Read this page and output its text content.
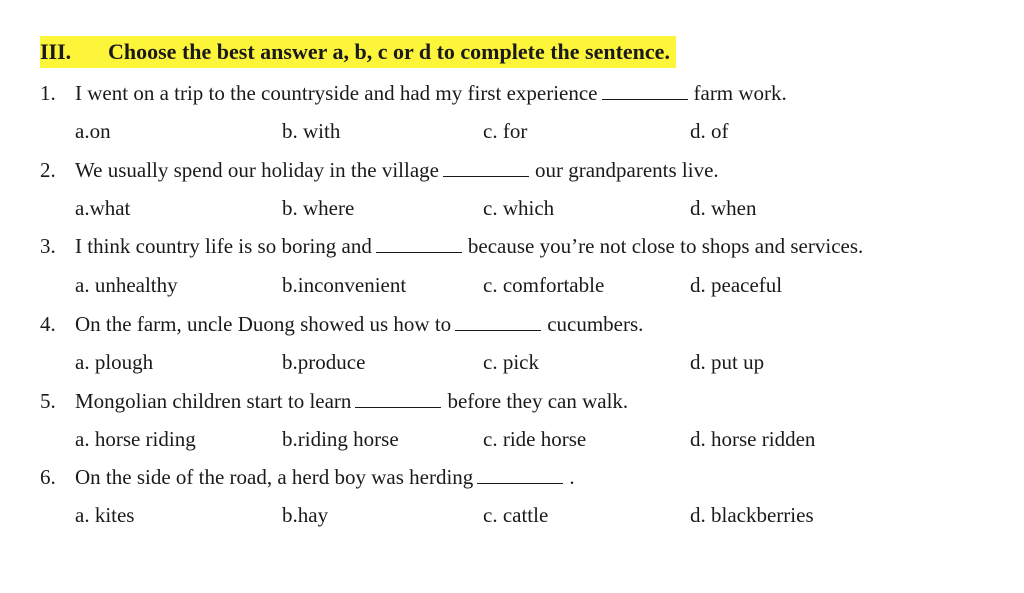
III. Choose the best answer a, b, c or d to complete the sentence.
1. I went on a trip to the countryside and had my first experience	farm work.
a.on	b. with	c. for	d. of
2. We usually spend our holiday in the village	our grandparents live.
a.what	b. where	c. which	d. when
3. I think country life is so boring and	because you’re not close to shops and services.
a. unhealthy	b.inconvenient	c. comfortable	d. peaceful
4. On the farm, uncle Duong showed us how to	cucumbers.
a. plough	b.produce	c. pick	d. put up
5. Mongolian children start to learn	before they can walk.
a. horse riding	b.riding horse	c. ride horse	d. horse ridden
6. On the side of the road, a herd boy was herding	.
a. kites	b.hay	c. cattle	d. blackberries
